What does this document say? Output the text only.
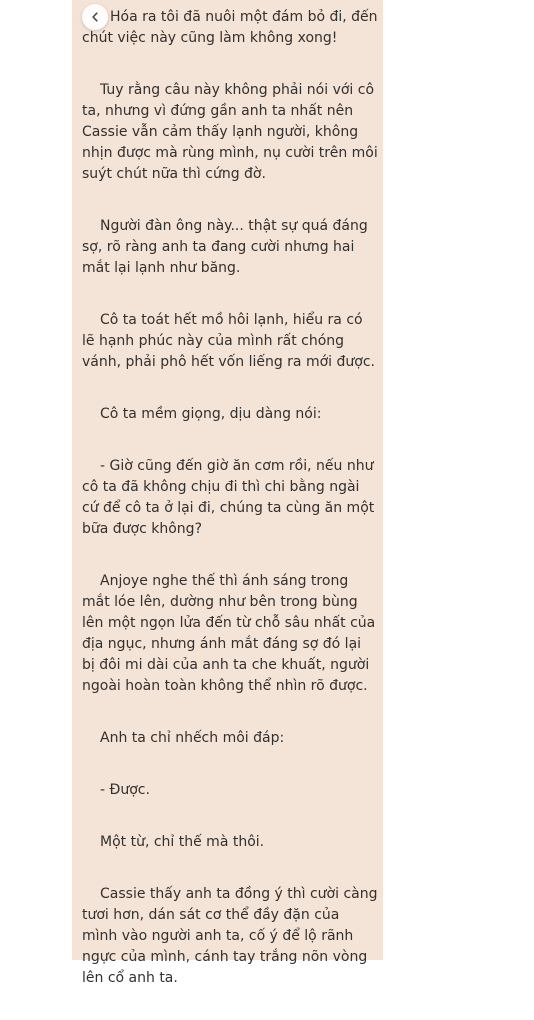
Hóa ra tôi đã nuôi một đám bỏ đi, đến chút việc này cũng làm không xong!

Tuy rằng câu này không phải nói với cô ta, nhưng vì đứng gần anh ta nhất nên Cassie vẫn cảm thấy lạnh người, không nhịn được mà rùng mình, nụ cười trên môi suýt chút nữa thì cứng đờ.

Người đàn ông này... thật sự quá đáng sợ, rõ ràng anh ta đang cười nhưng hai mắt lại lạnh như băng.

Cô ta toát hết mồ hôi lạnh, hiểu ra có lẽ hạnh phúc này của mình rất chóng vánh, phải phô hết vốn liếng ra mới được.

Cô ta mềm giọng, dịu dàng nói:

- Giờ cũng đến giờ ăn cơm rồi, nếu như cô ta đã không chịu đi thì chi bằng ngài cứ để cô ta ở lại đi, chúng ta cùng ăn một bữa được không?

Anjoye nghe thế thì ánh sáng trong mắt lóe lên, dường như bên trong bùng lên một ngọn lửa đến từ chỗ sâu nhất của địa ngục, nhưng ánh mắt đáng sợ đó lại bị đôi mi dài của anh ta che khuất, người ngoài hoàn toàn không thể nhìn rõ được.

Anh ta chỉ nhếch môi đáp:

- Được.

Một từ, chỉ thế mà thôi.

Cassie thấy anh ta đồng ý thì cười càng tươi hơn, dán sát cơ thể đầy đặn của mình vào người anh ta, cố ý để lộ rãnh ngực của mình, cánh tay trắng nõn vòng lên cổ anh ta.
